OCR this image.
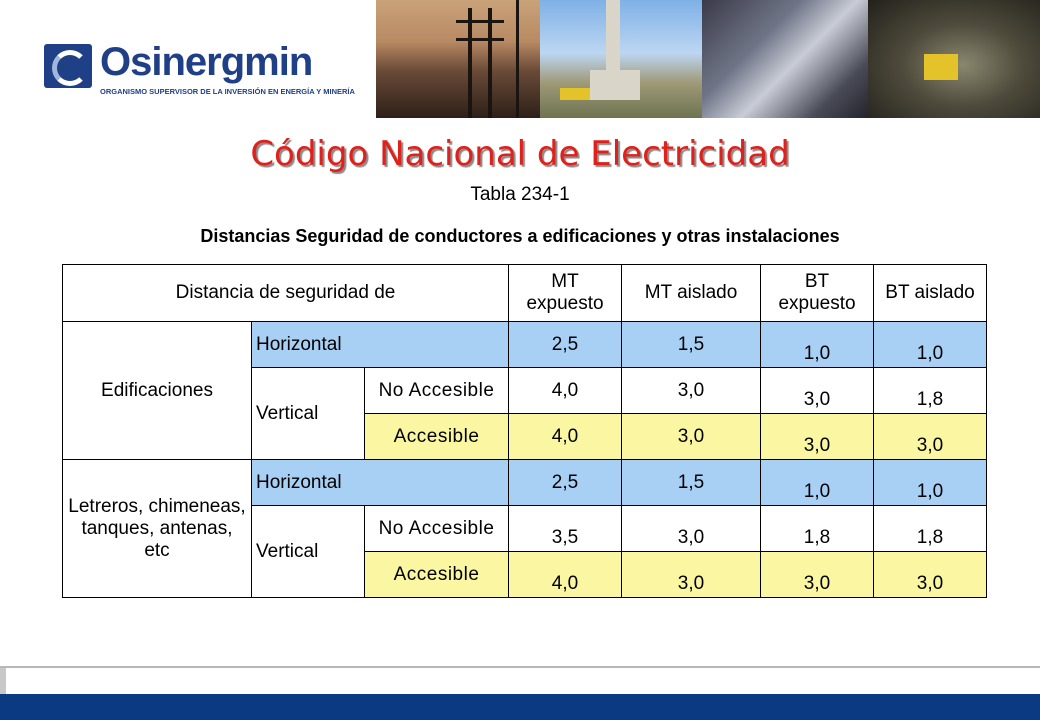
Osinergmin
ORGANISMO SUPERVISOR DE LA INVERSIÓN EN ENERGÍA Y MINERÍA
Código Nacional de Electricidad
Tabla 234-1
Distancias Seguridad de conductores a edificaciones y otras instalaciones
Distancia de seguridad de			MT expuesto	MT aislado	BT expuesto	BT aislado
Edificaciones	Horizontal		2,5	1,5	1,0	1,0
	Vertical	No Accesible	4,0	3,0	3,0	1,8
		Accesible	4,0	3,0	3,0	3,0
Letreros, chimeneas, tanques, antenas, etc	Horizontal		2,5	1,5	1,0	1,0
	Vertical	No Accesible	3,5	3,0	1,8	1,8
		Accesible	4,0	3,0	3,0	3,0
